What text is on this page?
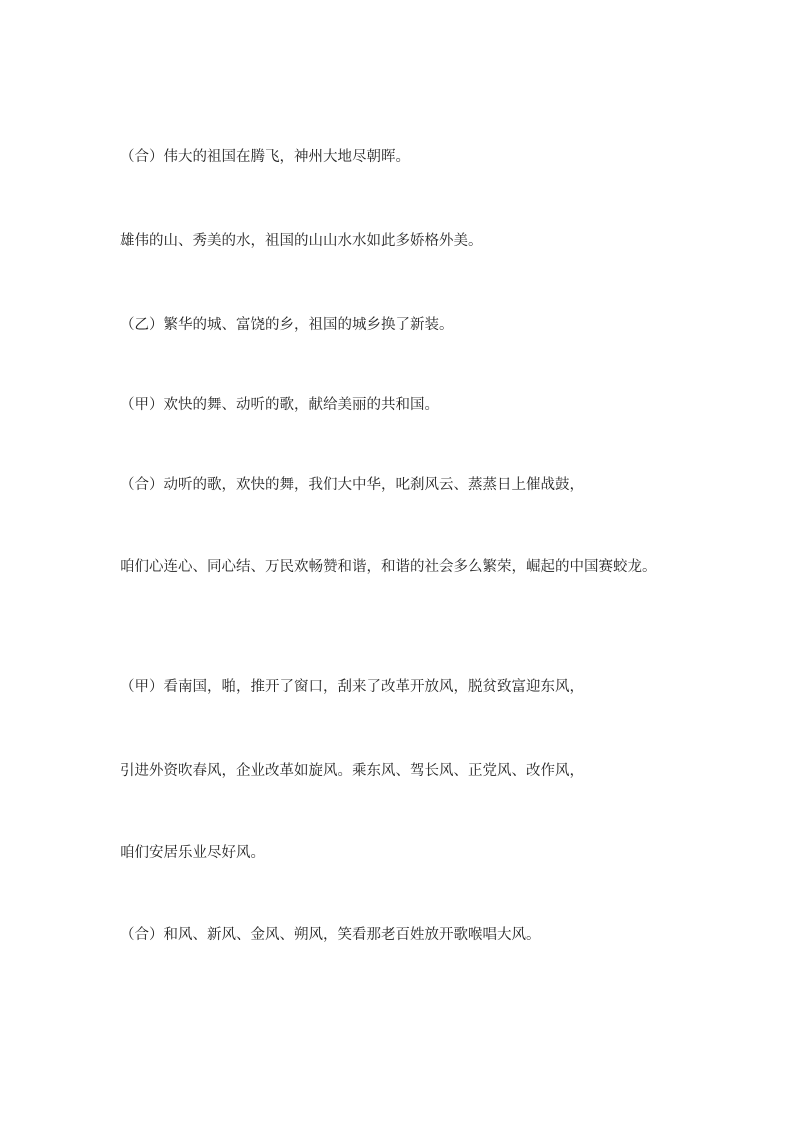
（合）伟大的祖国在腾飞，神州大地尽朝晖。

雄伟的山、秀美的水，祖国的山山水水如此多娇格外美。

（乙）繁华的城、富饶的乡，祖国的城乡换了新装。

（甲）欢快的舞、动听的歌，献给美丽的共和国。

（合）动听的歌，欢快的舞，我们大中华，叱刹风云、蒸蒸日上催战鼓，

咱们心连心、同心结、万民欢畅赞和谐，和谐的社会多么繁荣，崛起的中国赛蛟龙。

（甲）看南国，啪，推开了窗口，刮来了改革开放风，脱贫致富迎东风，

引进外资吹春风，企业改革如旋风。乘东风、驾长风、正党风、改作风，

咱们安居乐业尽好风。

（合）和风、新风、金风、朔风，笑看那老百姓放开歌喉唱大风。
